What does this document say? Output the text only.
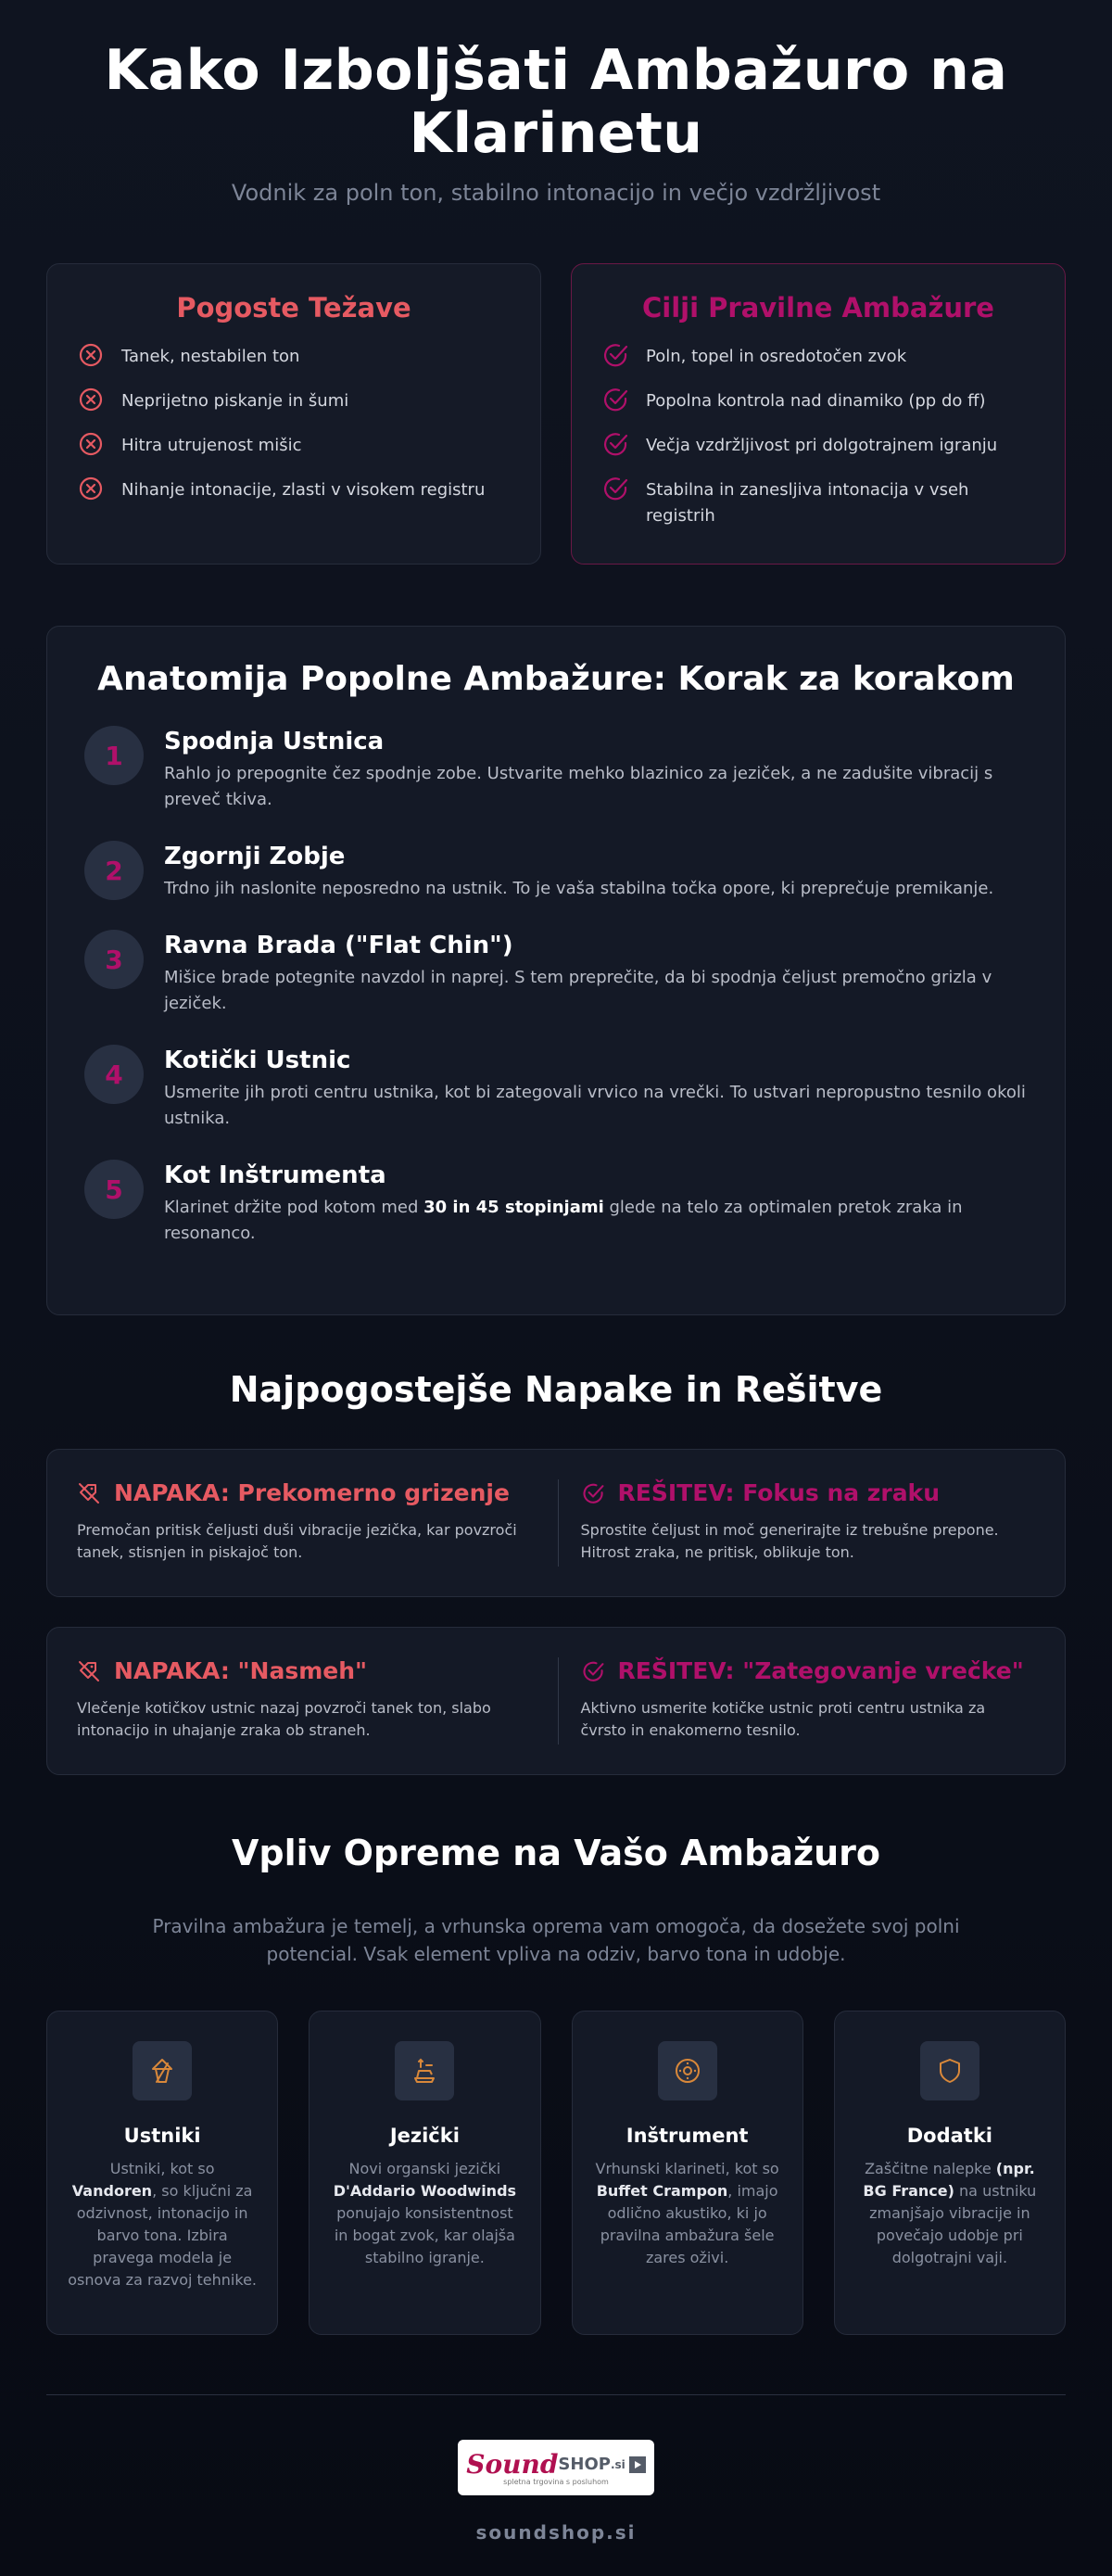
Kako Izboljšati Ambažuro na Klarinetu

Vodnik za poln ton, stabilno intonacijo in večjo vzdržljivost

Pogoste Težave
Tanek, nestabilen ton
Neprijetno piskanje in šumi
Hitra utrujenost mišic
Nihanje intonacije, zlasti v visokem registru
Cilji Pravilne Ambažure
Poln, topel in osredotočen zvok
Popolna kontrola nad dinamiko (pp do ff)
Večja vzdržljivost pri dolgotrajnem igranju
Stabilna in zanesljiva intonacija v vseh registrih
Anatomija Popolne Ambažure: Korak za korakom
1	Spodnja Ustnica

Rahlo jo prepognite čez spodnje zobe. Ustvarite mehko blazinico za jeziček, a ne zadušite vibracij s preveč tkiva.

2	Zgornji Zobje

Trdno jih naslonite neposredno na ustnik. To je vaša stabilna točka opore, ki preprečuje premikanje.

3	Ravna Brada ("Flat Chin")

Mišice brade potegnite navzdol in naprej. S tem preprečite, da bi spodnja čeljust premočno grizla v jeziček.

4	Kotički Ustnic

Usmerite jih proti centru ustnika, kot bi zategovali vrvico na vrečki. To ustvari nepropustno tesnilo okoli ustnika.

5	Kot Inštrumenta

Klarinet držite pod kotom med 30 in 45 stopinjami glede na telo za optimalen pretok zraka in resonanco.

Najpogostejše Napake in Rešitve
NAPAKA: Prekomerno grizenje

Premočan pritisk čeljusti duši vibracije jezička, kar povzroči tanek, stisnjen in piskajoč ton.

REŠITEV: Fokus na zraku

Sprostite čeljust in moč generirajte iz trebušne prepone. Hitrost zraka, ne pritisk, oblikuje ton.

NAPAKA: "Nasmeh"

Vlečenje kotičkov ustnic nazaj povzroči tanek ton, slabo intonacijo in uhajanje zraka ob straneh.

REŠITEV: "Zategovanje vrečke"

Aktivno usmerite kotičke ustnic proti centru ustnika za čvrsto in enakomerno tesnilo.

Vpliv Opreme na Vašo Ambažuro

Pravilna ambažura je temelj, a vrhunska oprema vam omogoča, da dosežete svoj polni potencial. Vsak element vpliva na odziv, barvo tona in udobje.

Ustniki

Ustniki, kot so Vandoren, so ključni za odzivnost, intonacijo in barvo tona. Izbira pravega modela je osnova za razvoj tehnike.

Jezički

Novi organski jezički D'Addario Woodwinds ponujajo konsistentnost in bogat zvok, kar olajša stabilno igranje.

Inštrument

Vrhunski klarineti, kot so Buffet Crampon, imajo odlično akustiko, ki jo pravilna ambažura šele zares oživi.

Dodatki

Zaščitne nalepke (npr. BG France) na ustniku zmanjšajo vibracije in povečajo udobje pri dolgotrajni vaji.

Sound SHOP .si
spletna trgovina s posluhom
soundshop.si
